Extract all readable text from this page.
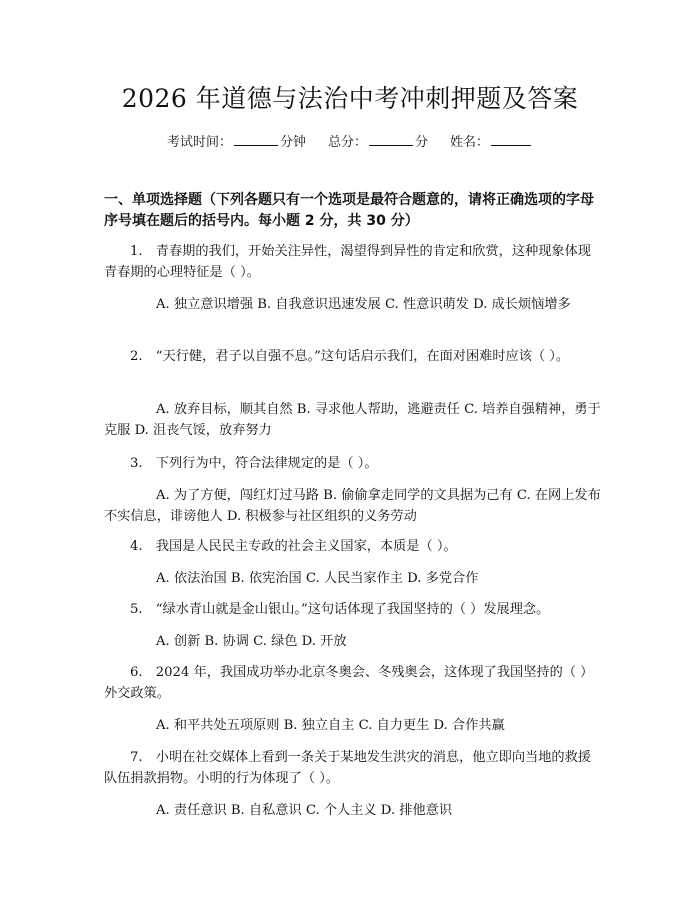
2026 年道德与法治中考冲刺押题及答案
考试时间：	分钟 总分：	分 姓名：
一、单项选择题（下列各题只有一个选项是最符合题意的，请将正确选项的字母序号填在题后的括号内。每小题 2 分，共 30 分）
1.　青春期的我们，开始关注异性，渴望得到异性的肯定和欣赏，这种现象体现青春期的心理特征是（ ）。
A. 独立意识增强 B. 自我意识迅速发展 C. 性意识萌发 D. 成长烦恼增多
2.　“天行健，君子以自强不息。”这句话启示我们，在面对困难时应该（ ）。
A. 放弃目标，顺其自然 B. 寻求他人帮助，逃避责任 C. 培养自强精神，勇于克服 D. 沮丧气馁，放弃努力
3.　下列行为中，符合法律规定的是（ ）。
A. 为了方便，闯红灯过马路 B. 偷偷拿走同学的文具据为己有 C. 在网上发布不实信息，诽谤他人 D. 积极参与社区组织的义务劳动
4.　我国是人民民主专政的社会主义国家，本质是（ ）。
A. 依法治国 B. 依宪治国 C. 人民当家作主 D. 多党合作
5.　“绿水青山就是金山银山。”这句话体现了我国坚持的（ ）发展理念。
A. 创新 B. 协调 C. 绿色 D. 开放
6.　2024 年，我国成功举办北京冬奥会、冬残奥会，这体现了我国坚持的（ ）外交政策。
A. 和平共处五项原则 B. 独立自主 C. 自力更生 D. 合作共赢
7.　小明在社交媒体上看到一条关于某地发生洪灾的消息，他立即向当地的救援队伍捐款捐物。小明的行为体现了（ ）。
A. 责任意识 B. 自私意识 C. 个人主义 D. 排他意识
